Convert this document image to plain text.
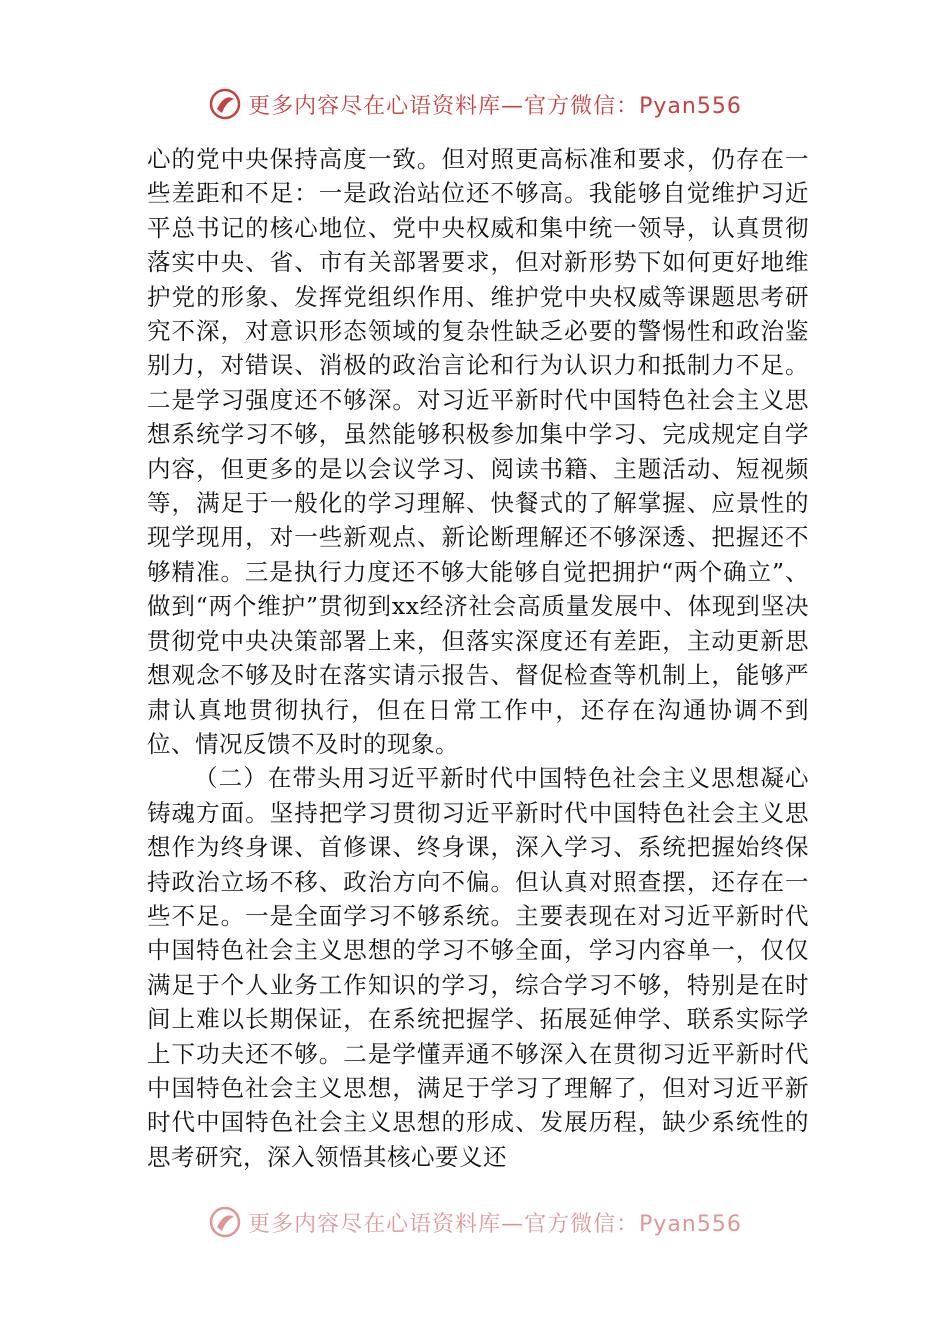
更多内容尽在心语资料库—官方微信：Pyan556

心的党中央保持高度一致。但对照更高标准和要求，仍存在一些差距和不足：一是政治站位还不够高。我能够自觉维护习近平总书记的核心地位、党中央权威和集中统一领导，认真贯彻落实中央、省、市有关部署要求，但对新形势下如何更好地维护党的形象、发挥党组织作用、维护党中央权威等课题思考研究不深，对意识形态领域的复杂性缺乏必要的警惕性和政治鉴别力，对错误、消极的政治言论和行为认识力和抵制力不足。二是学习强度还不够深。对习近平新时代中国特色社会主义思想系统学习不够，虽然能够积极参加集中学习、完成规定自学内容，但更多的是以会议学习、阅读书籍、主题活动、短视频等，满足于一般化的学习理解、快餐式的了解掌握、应景性的现学现用，对一些新观点、新论断理解还不够深透、把握还不够精准。三是执行力度还不够大能够自觉把拥护“两个确立”、做到“两个维护”贯彻到xx经济社会高质量发展中、体现到坚决贯彻党中央决策部署上来，但落实深度还有差距，主动更新思想观念不够及时在落实请示报告、督促检查等机制上，能够严肃认真地贯彻执行，但在日常工作中，还存在沟通协调不到位、情况反馈不及时的现象。

（二）在带头用习近平新时代中国特色社会主义思想凝心铸魂方面。坚持把学习贯彻习近平新时代中国特色社会主义思想作为终身课、首修课、终身课，深入学习、系统把握始终保持政治立场不移、政治方向不偏。但认真对照查摆，还存在一些不足。一是全面学习不够系统。主要表现在对习近平新时代中国特色社会主义思想的学习不够全面，学习内容单一，仅仅满足于个人业务工作知识的学习，综合学习不够，特别是在时间上难以长期保证，在系统把握学、拓展延伸学、联系实际学上下功夫还不够。二是学懂弄通不够深入在贯彻习近平新时代中国特色社会主义思想，满足于学习了理解了，但对习近平新时代中国特色社会主义思想的形成、发展历程，缺少系统性的思考研究，深入领悟其核心要义还

更多内容尽在心语资料库—官方微信：Pyan556
